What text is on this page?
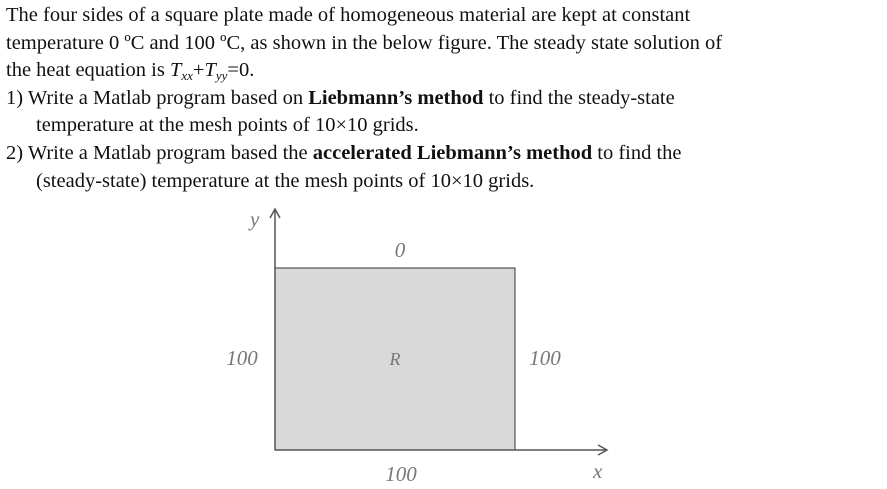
The four sides of a square plate made of homogeneous material are kept at constant
temperature 0 ºC and 100 ºC, as shown in the below figure. The steady state solution of
the heat equation is $T_{xx}+T_{yy}=0$.
1) Write a Matlab program based on Liebmann’s method to find the steady-state
temperature at the mesh points of 10×10 grids.
2) Write a Matlab program based the accelerated Liebmann’s method to find the
(steady-state) temperature at the mesh points of 10×10 grids.
y
x
0
100	100
100
R
